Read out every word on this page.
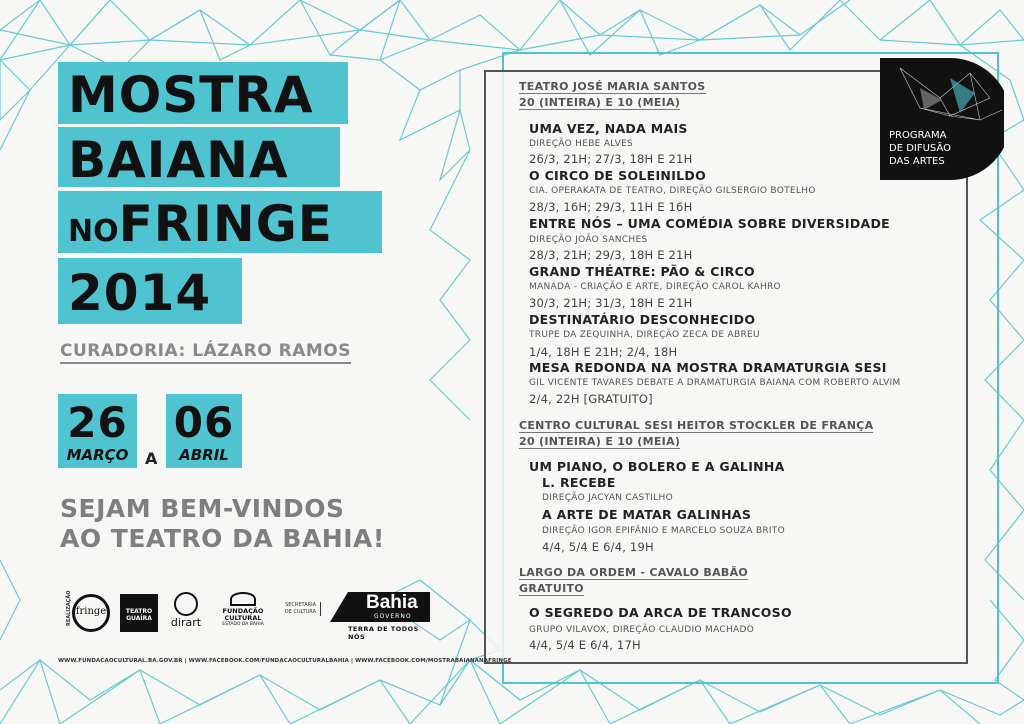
MOSTRA
BAIANA
NOFRINGE
2014
CURADORIA: LÁZARO RAMOS
26
MARÇO	A
06
ABRIL
SEJAM BEM-VINDOS
AO TEATRO DA BAHIA!
REALIZAÇÃO fringe	TEATRO
GUAÍRA	dirart
FUNDAÇÃO CULTURAL
ESTADO DA BAHIA
SECRETARIA DE CULTURA	Bahia
GOVERNO
TERRA DE TODOS NÓS
WWW.FUNDACAOCULTURAL.BA.GOV.BR | WWW.FACEBOOK.COM/FUNDACAOCULTURALBAHIA | WWW.FACEBOOK.COM/MOSTRABAIANANAFRINGE
PROGRAMA
DE DIFUSÃO
DAS ARTES
TEATRO JOSÉ MARIA SANTOS
20 (INTEIRA) E 10 (MEIA)
UMA VEZ, NADA MAIS
DIREÇÃO HEBE ALVES
26/3, 21H; 27/3, 18H E 21H
O CIRCO DE SOLEINILDO
CIA. OPERAKATA DE TEATRO, DIREÇÃO GILSERGIO BOTELHO
28/3, 16H; 29/3, 11H E 16H
ENTRE NÓS – UMA COMÉDIA SOBRE DIVERSIDADE
DIREÇÃO JOÃO SANCHES
28/3, 21H; 29/3, 18H E 21H
GRAND THÉATRE: PÃO & CIRCO
MANADA - CRIAÇÃO E ARTE, DIREÇÃO CAROL KAHRO
30/3, 21H; 31/3, 18H E 21H
DESTINATÁRIO DESCONHECIDO
TRUPE DA ZEQUINHA, DIREÇÃO ZECA DE ABREU
1/4, 18H E 21H; 2/4, 18H
MESA REDONDA NA MOSTRA DRAMATURGIA SESI
GIL VICENTE TAVARES DEBATE A DRAMATURGIA BAIANA COM ROBERTO ALVIM
2/4, 22H [GRATUITO]
CENTRO CULTURAL SESI HEITOR STOCKLER DE FRANÇA
20 (INTEIRA) E 10 (MEIA)
UM PIANO, O BOLERO E A GALINHA
L. RECEBE
DIREÇÃO JACYAN CASTILHO
A ARTE DE MATAR GALINHAS
DIREÇÃO IGOR EPIFÂNIO E MARCELO SOUZA BRITO
4/4, 5/4 E 6/4, 19H
LARGO DA ORDEM - CAVALO BABÃO
GRATUITO
O SEGREDO DA ARCA DE TRANCOSO
GRUPO VILAVOX, DIREÇÃO CLAUDIO MACHADO
4/4, 5/4 E 6/4, 17H
